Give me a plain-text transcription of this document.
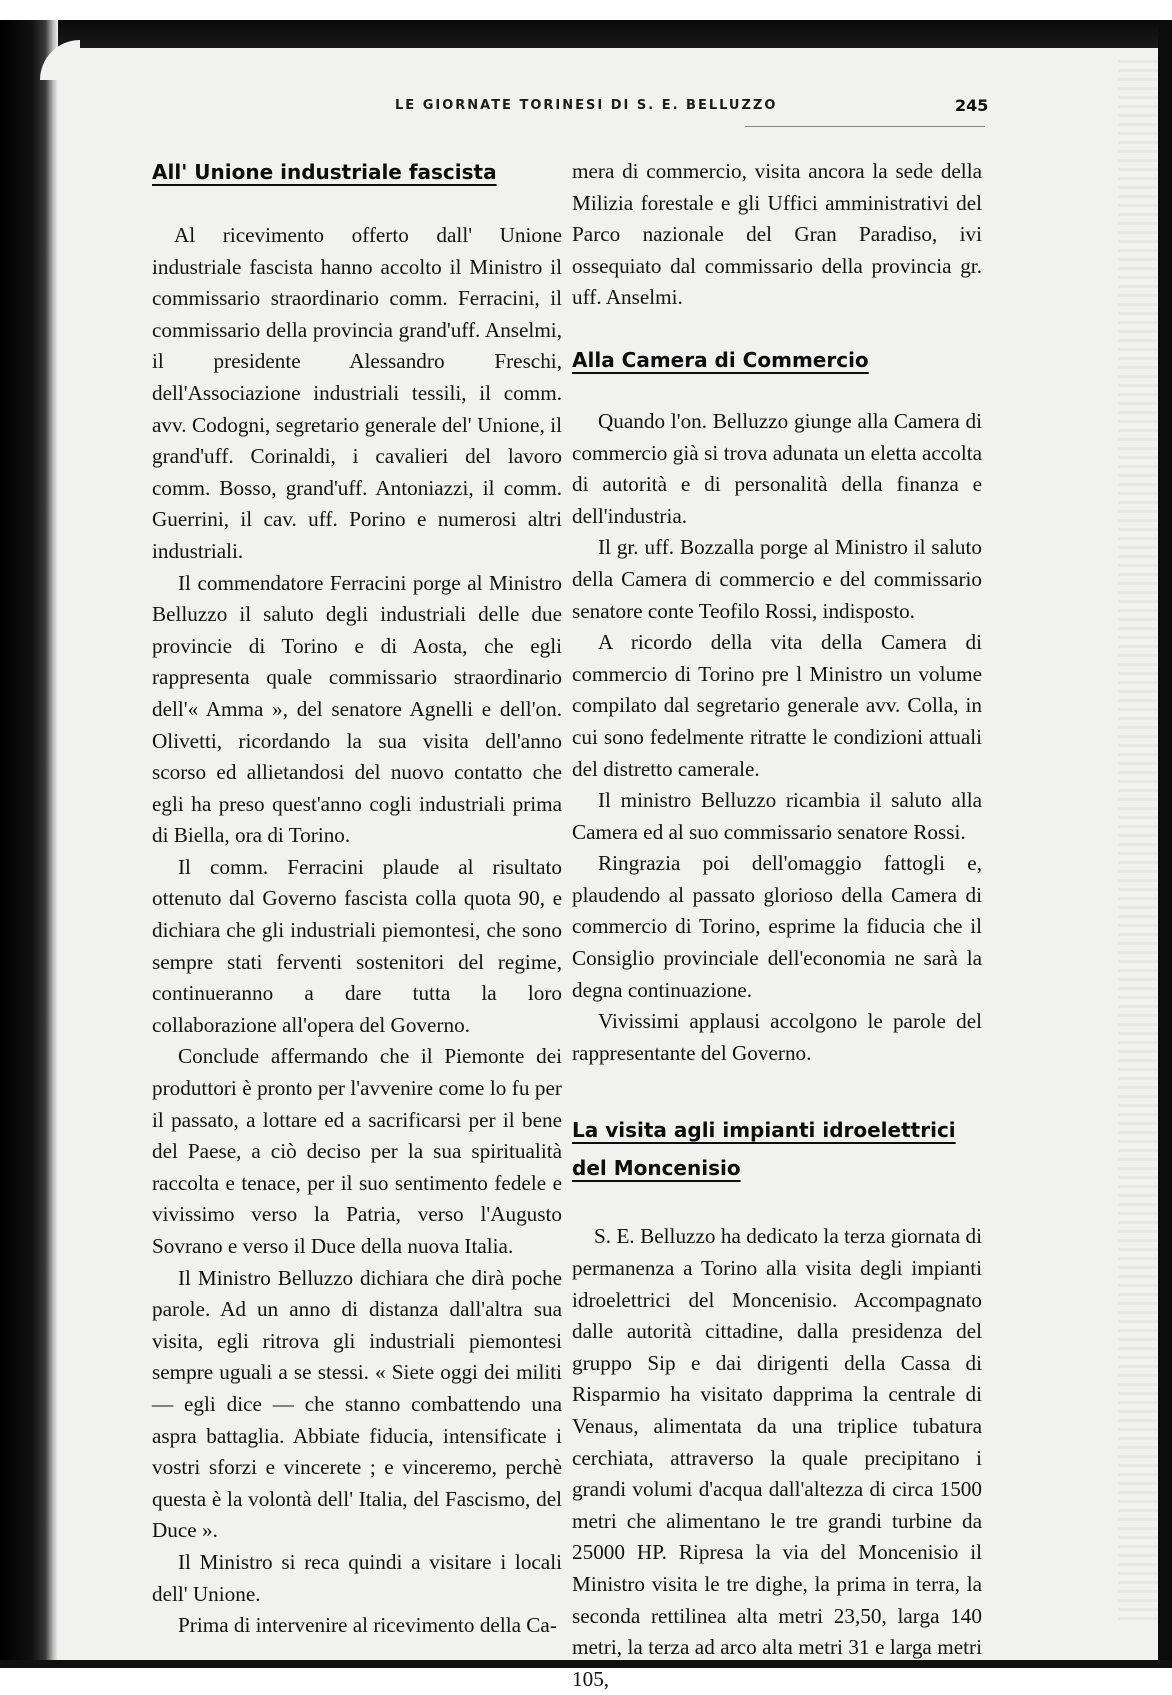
LE GIORNATE TORINESI DI S. E. BELLUZZO	245
All' Unione industriale fascista

Al ricevimento offerto dall' Unione industriale fascista hanno accolto il Ministro il commissario straordinario comm. Ferracini, il commissario della provincia grand'uff. Anselmi, il presidente Alessandro Freschi, dell'Associazione industriali tessili, il comm. avv. Codogni, segretario generale del' Unione, il grand'uff. Corinaldi, i cavalieri del lavoro comm. Bosso, grand'uff. Antoniazzi, il comm. Guerrini, il cav. uff. Porino e numerosi altri industriali.

Il commendatore Ferracini porge al Ministro Belluzzo il saluto degli industriali delle due provincie di Torino e di Aosta, che egli rappresenta quale commissario straordinario dell'« Amma », del senatore Agnelli e dell'on. Olivetti, ricordando la sua visita dell'anno scorso ed allietandosi del nuovo contatto che egli ha preso quest'anno cogli industriali prima di Biella, ora di Torino.

Il comm. Ferracini plaude al risultato ottenuto dal Governo fascista colla quota 90, e dichiara che gli industriali piemontesi, che sono sempre stati ferventi sostenitori del regime, continueranno a dare tutta la loro collaborazione all'opera del Governo.

Conclude affermando che il Piemonte dei produttori è pronto per l'avvenire come lo fu per il passato, a lottare ed a sacrificarsi per il bene del Paese, a ciò deciso per la sua spiritualità raccolta e tenace, per il suo sentimento fedele e vivissimo verso la Patria, verso l'Augusto Sovrano e verso il Duce della nuova Italia.

Il Ministro Belluzzo dichiara che dirà poche parole. Ad un anno di distanza dall'altra sua visita, egli ritrova gli industriali piemontesi sempre uguali a se stessi. « Siete oggi dei militi — egli dice — che stanno combattendo una aspra battaglia. Abbiate fiducia, intensificate i vostri sforzi e vincerete ; e vinceremo, perchè questa è la volontà dell' Italia, del Fascismo, del Duce ».

Il Ministro si reca quindi a visitare i locali dell' Unione.

Prima di intervenire al ricevimento della Ca-

mera di commercio, visita ancora la sede della Milizia forestale e gli Uffici amministrativi del Parco nazionale del Gran Paradiso, ivi ossequiato dal commissario della provincia gr. uff. Anselmi.

Alla Camera di Commercio

Quando l'on. Belluzzo giunge alla Camera di commercio già si trova adunata un eletta accolta di autorità e di personalità della finanza e dell'industria.

Il gr. uff. Bozzalla porge al Ministro il saluto della Camera di commercio e del commissario senatore conte Teofilo Rossi, indisposto.

A ricordo della vita della Camera di commercio di Torino pre l Ministro un volume compilato dal segretario generale avv. Colla, in cui sono fedelmente ritratte le condizioni attuali del distretto camerale.

Il ministro Belluzzo ricambia il saluto alla Camera ed al suo commissario senatore Rossi.

Ringrazia poi dell'omaggio fattogli e, plaudendo al passato glorioso della Camera di commercio di Torino, esprime la fiducia che il Consiglio provinciale dell'economia ne sarà la degna continuazione.

Vivissimi applausi accolgono le parole del rappresentante del Governo.

La visita agli impianti idroelettrici
del Moncenisio

S. E. Belluzzo ha dedicato la terza giornata di permanenza a Torino alla visita degli impianti idroelettrici del Moncenisio. Accompagnato dalle autorità cittadine, dalla presidenza del gruppo Sip e dai dirigenti della Cassa di Risparmio ha visitato dapprima la centrale di Venaus, alimentata da una triplice tubatura cerchiata, attraverso la quale precipitano i grandi volumi d'acqua dall'altezza di circa 1500 metri che alimentano le tre grandi turbine da 25000 HP. Ripresa la via del Moncenisio il Ministro visita le tre dighe, la prima in terra, la seconda rettilinea alta metri 23,50, larga 140 metri, la terza ad arco alta metri 31 e larga metri 105,
